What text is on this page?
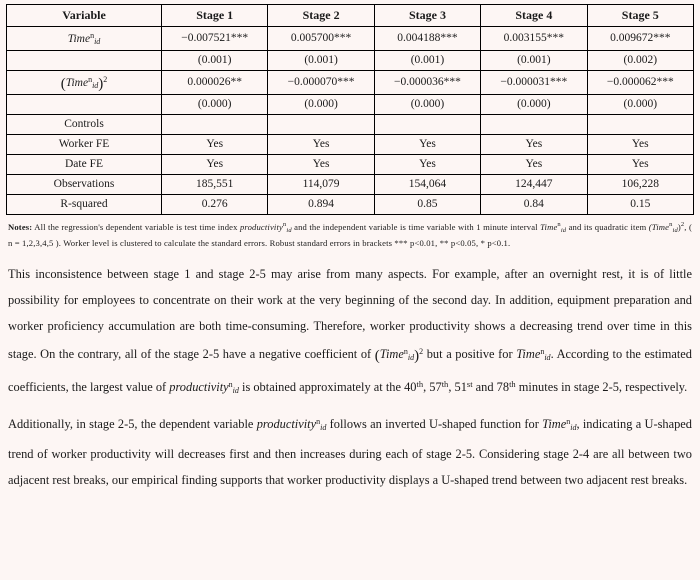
Variable	Stage 1	Stage 2	Stage 3	Stage 4	Stage 5
Time$^n_{id}$	−0.007521***	0.005700***	0.004188***	0.003155***	0.009672***
	(0.001)	(0.001)	(0.001)	(0.001)	(0.002)
(Time$^n_{id}$)$^2$	0.000026**	−0.000070***	−0.000036***	−0.000031***	−0.000062***
	(0.000)	(0.000)	(0.000)	(0.000)	(0.000)
Controls					
Worker FE	Yes	Yes	Yes	Yes	Yes
Date FE	Yes	Yes	Yes	Yes	Yes
Observations	185,551	114,079	154,064	124,447	106,228
R-squared	0.276	0.894	0.85	0.84	0.15
Notes: All the regression's dependent variable is test time index productivity$^n_{id}$ and the independent variable is time variable with 1 minute interval Time$^n_{id}$ and its quadratic item (Time$^n_{id}$)$^2$, ( n = 1,2,3,4,5 ). Worker level is clustered to calculate the standard errors. Robust standard errors in brackets *** p<0.01, ** p<0.05, * p<0.1.

This inconsistence between stage 1 and stage 2-5 may arise from many aspects. For example, after an overnight rest, it is of little possibility for employees to concentrate on their work at the very beginning of the second day. In addition, equipment preparation and worker proficiency accumulation are both time-consuming. Therefore, worker productivity shows a decreasing trend over time in this stage. On the contrary, all of the stage 2-5 have a negative coefficient of (Time$^n_{id}$)$^2$ but a positive for Time$^n_{id}$. According to the estimated coefficients, the largest value of productivity$^n_{id}$ is obtained approximately at the 40th, 57th, 51st and 78th minutes in stage 2-5, respectively.

Additionally, in stage 2-5, the dependent variable productivity$^n_{id}$ follows an inverted U-shaped function for Time$^n_{id}$, indicating a U-shaped trend of worker productivity will decreases first and then increases during each of stage 2-5. Considering stage 2-4 are all between two adjacent rest breaks, our empirical finding supports that worker productivity displays a U-shaped trend between two adjacent rest breaks.
